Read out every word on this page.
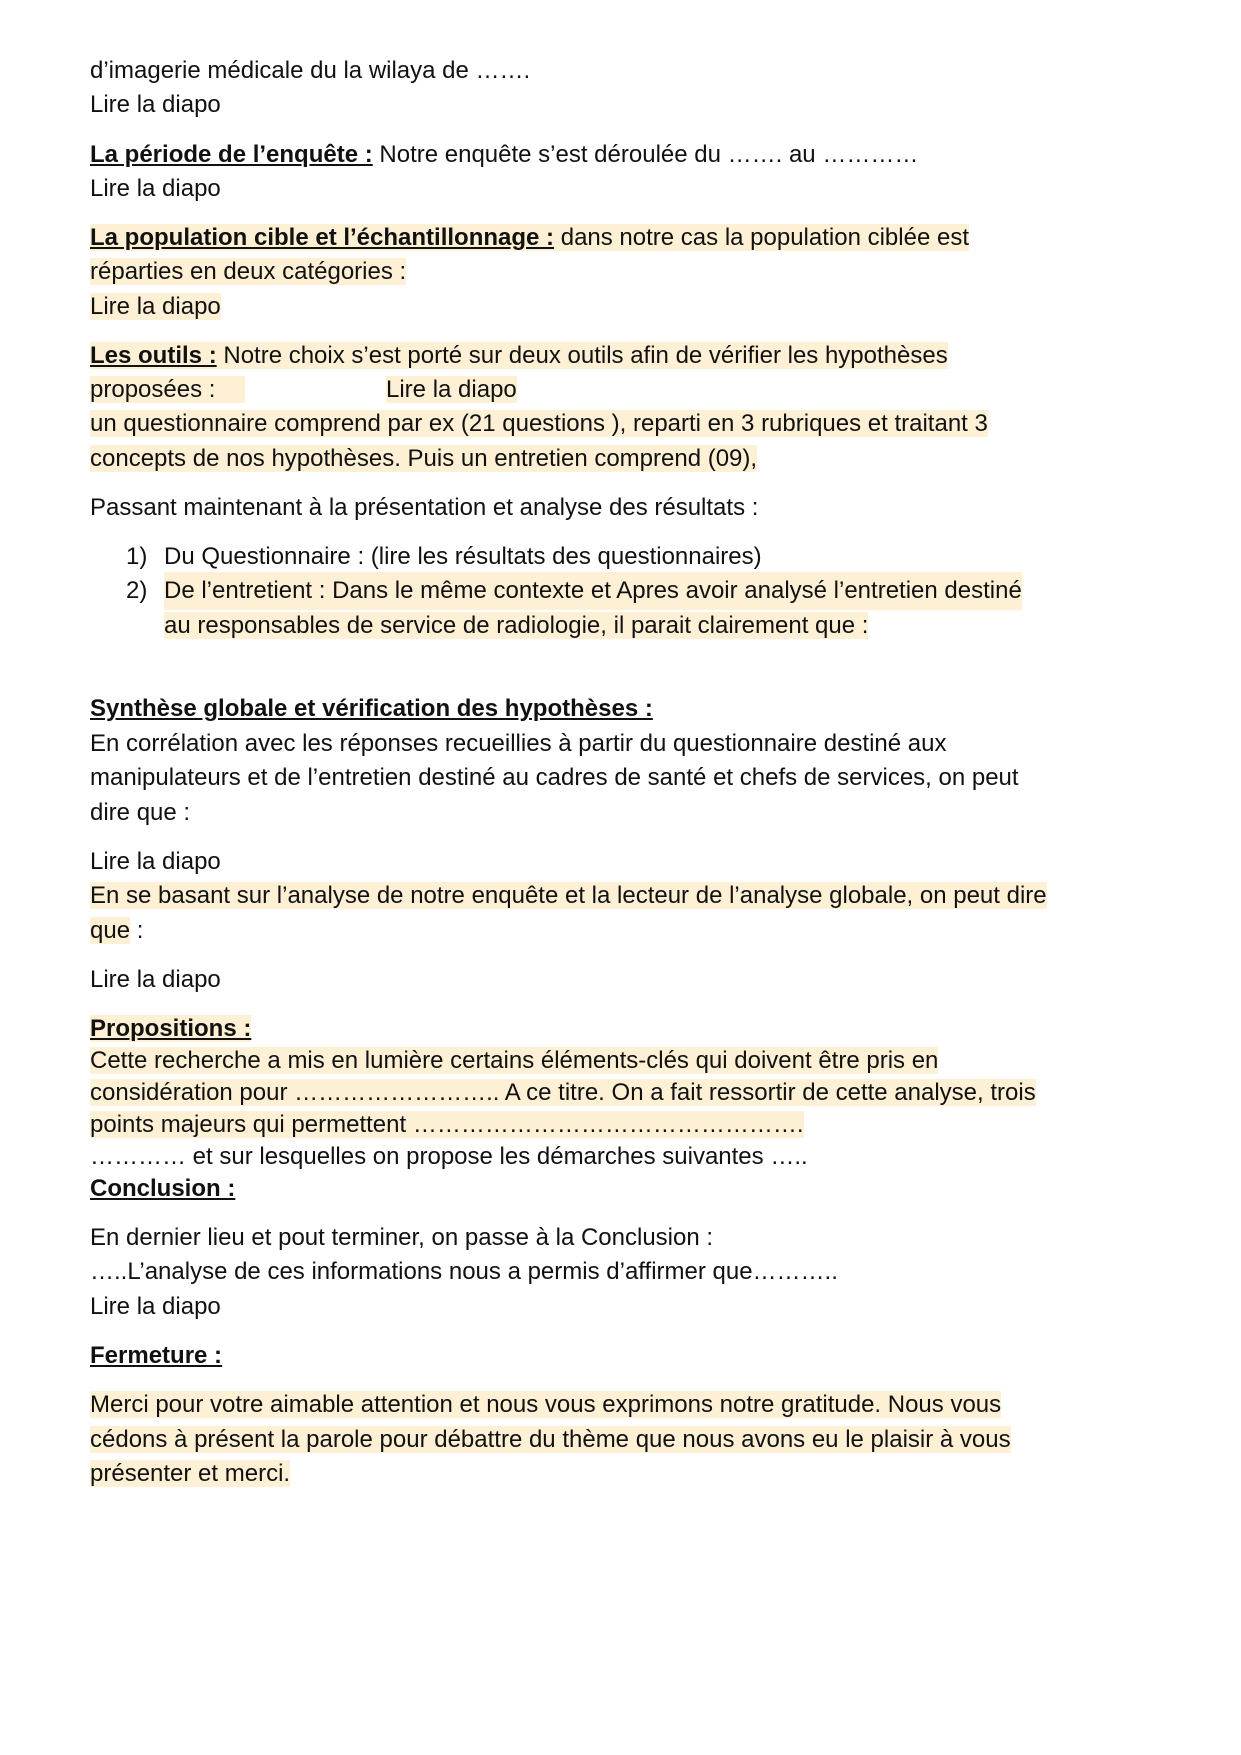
d’imagerie médicale du la wilaya de …….
Lire la diapo
La période de l’enquête : Notre enquête s’est déroulée du ……. au …………
Lire la diapo
La population cible et l’échantillonnage : dans notre cas la population ciblée est
réparties en deux catégories :
Lire la diapo
Les outils : Notre choix s’est porté sur deux outils afin de vérifier les hypothèses
proposées :	Lire la diapo
un questionnaire comprend par ex (21 questions ), reparti en 3 rubriques et traitant 3
concepts de nos hypothèses. Puis un entretien comprend (09),
Passant maintenant à la présentation et analyse des résultats :
1) Du Questionnaire : (lire les résultats des questionnaires)
2) De l’entretient : Dans le même contexte et Apres avoir analysé l’entretien destiné
au responsables de service de radiologie, il parait clairement que :
Synthèse globale et vérification des hypothèses :
En corrélation avec les réponses recueillies à partir du questionnaire destiné aux
manipulateurs et de l’entretien destiné au cadres de santé et chefs de services, on peut
dire que :
Lire la diapo
En se basant sur l’analyse de notre enquête et la lecteur de l’analyse globale, on peut dire
que :
Lire la diapo
Propositions :
Cette recherche a mis en lumière certains éléments-clés qui doivent être pris en
considération pour …………………….. A ce titre. On a fait ressortir de cette analyse, trois
points majeurs qui permettent ………………………………………….
………… et sur lesquelles on propose les démarches suivantes …..
Conclusion :
En dernier lieu et pout terminer, on passe à la Conclusion :
…..L’analyse de ces informations nous a permis d’affirmer que………..
Lire la diapo
Fermeture :
Merci pour votre aimable attention et nous vous exprimons notre gratitude. Nous vous
cédons à présent la parole pour débattre du thème que nous avons eu le plaisir à vous
présenter et merci.
